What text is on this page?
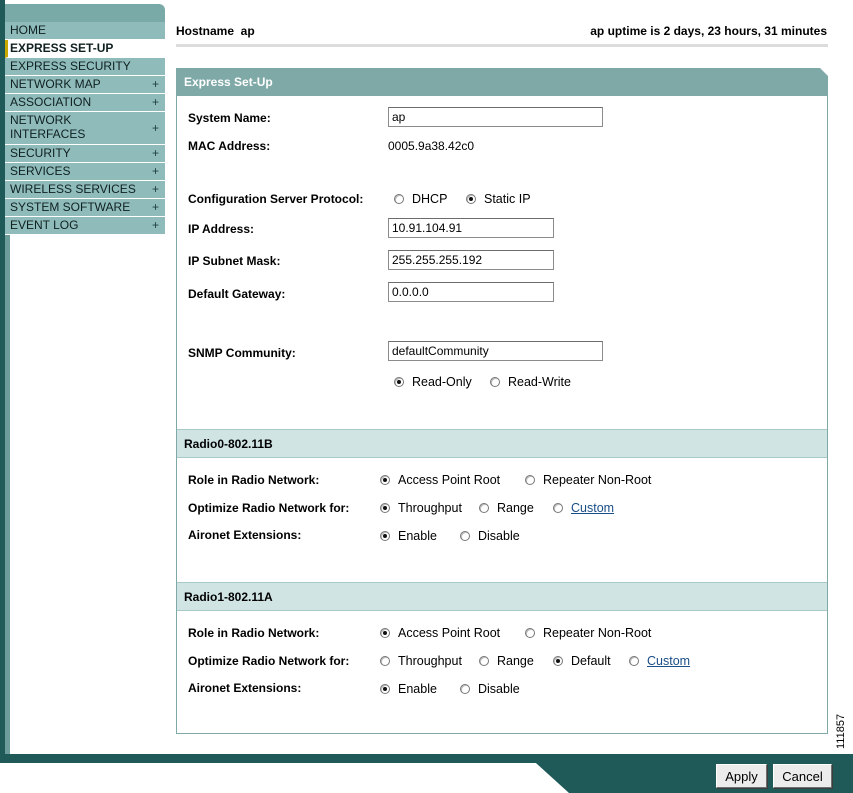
HOME
EXPRESS SET-UP
EXPRESS SECURITY
NETWORK MAP	+
ASSOCIATION	+
NETWORK INTERFACES	+
SECURITY	+
SERVICES	+
WIRELESS SERVICES +
SYSTEM SOFTWARE +
EVENT LOG	+
Hostname  ap	ap uptime is 2 days, 23 hours, 31 minutes
Express Set-Up
System Name:
ap
MAC Address:	0005.9a38.42c0
Configuration Server Protocol:	DHCP	Static IP
IP Address:
10.91.104.91
IP Subnet Mask:
255.255.255.192
Default Gateway:
0.0.0.0
SNMP Community:
defaultCommunity
Read-Only	Read-Write
Radio0-802.11B
Role in Radio Network:	Access Point Root	Repeater Non-Root
Optimize Radio Network for:	Throughput	Range	Custom
Aironet Extensions:	Enable	Disable
Radio1-802.11A
Role in Radio Network:	Access Point Root	Repeater Non-Root
Optimize Radio Network for:	Throughput	Range	Default	Custom
Aironet Extensions:	Enable	Disable
Apply	Cancel
111857
